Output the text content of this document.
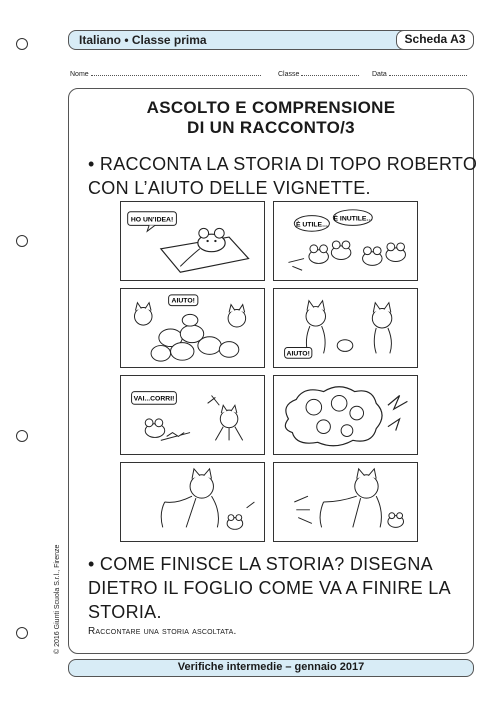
Italiano • Classe prima	Scheda A3
Nome	Classe	Data
ASCOLTO E COMPRENSIONE
DI UN RACCONTO/3
• RACCONTA LA STORIA DI TOPO ROBERTO
CON L’AIUTO DELLE VIGNETTE.
HO UN’IDEA!
È UTILE...
È INUTILE...
AIUTO!
AIUTO!
VAI...CORRI!
• COME FINISCE LA STORIA? DISEGNA
DIETRO IL FOGLIO COME VA A FINIRE LA
STORIA.
Raccontare una storia ascoltata.
© 2016 Giunti Scuola S.r.l., Firenze
Verifiche intermedie – gennaio 2017
